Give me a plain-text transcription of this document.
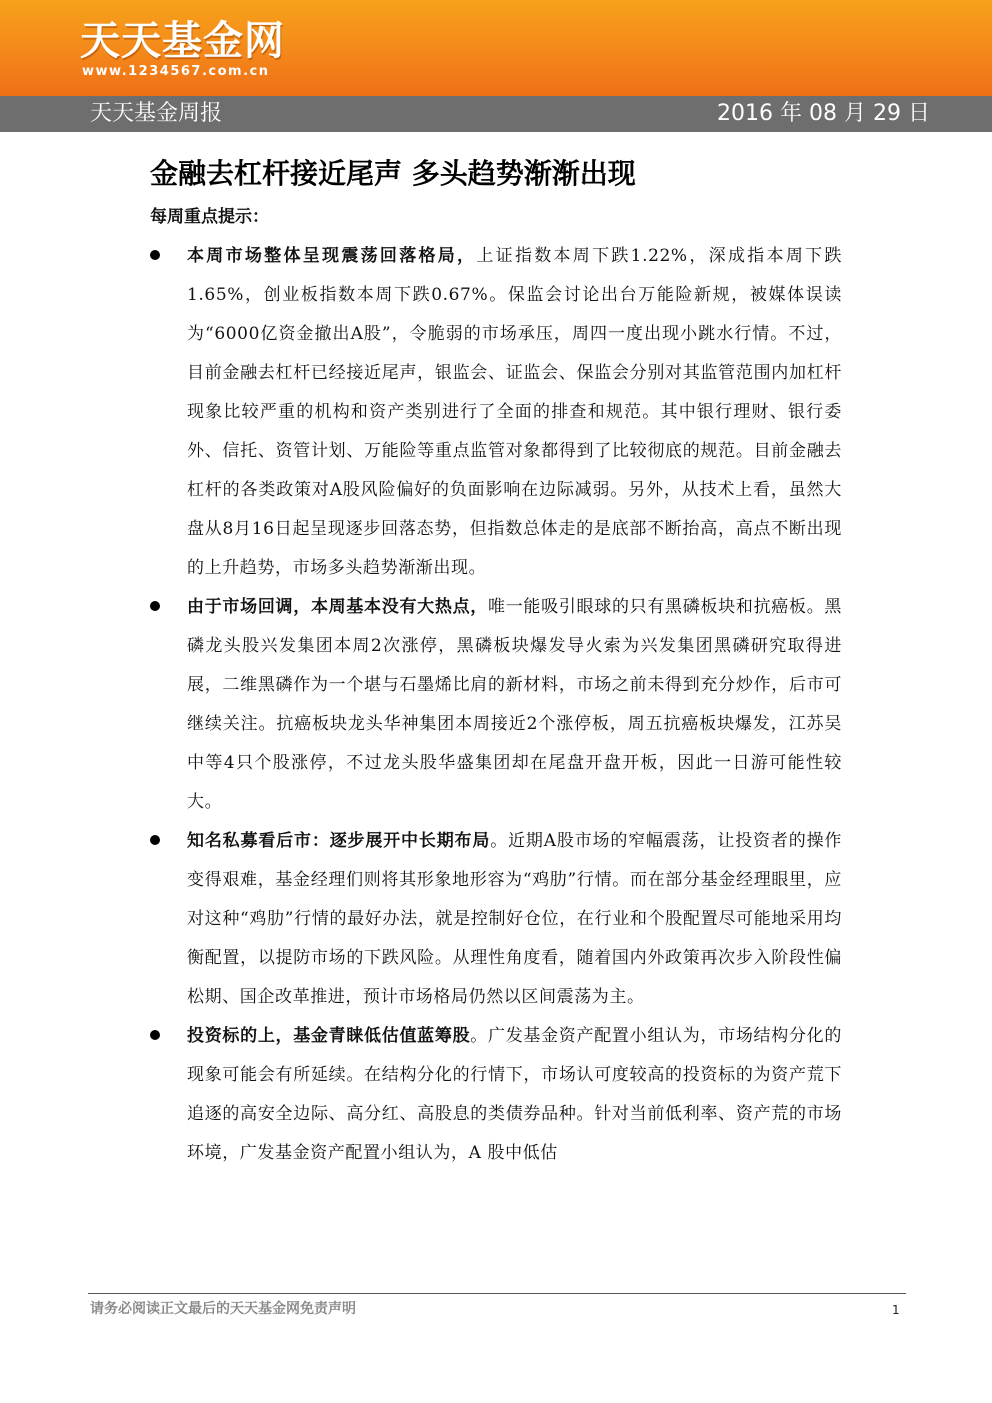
天天基金网
www.1234567.com.cn
天天基金周报	2016 年 08 月 29 日
金融去杠杆接近尾声 多头趋势渐渐出现
每周重点提示：

本周市场整体呈现震荡回落格局，上证指数本周下跌1.22%，深成指本周下跌1.65%，创业板指数本周下跌0.67%。保监会讨论出台万能险新规，被媒体误读为“6000亿资金撤出A股”，令脆弱的市场承压，周四一度出现小跳水行情。不过，目前金融去杠杆已经接近尾声，银监会、证监会、保监会分别对其监管范围内加杠杆现象比较严重的机构和资产类别进行了全面的排查和规范。其中银行理财、银行委外、信托、资管计划、万能险等重点监管对象都得到了比较彻底的规范。目前金融去杠杆的各类政策对A股风险偏好的负面影响在边际减弱。另外，从技术上看，虽然大盘从8月16日起呈现逐步回落态势，但指数总体走的是底部不断抬高，高点不断出现的上升趋势，市场多头趋势渐渐出现。

由于市场回调，本周基本没有大热点，唯一能吸引眼球的只有黑磷板块和抗癌板。黑磷龙头股兴发集团本周2次涨停，黑磷板块爆发导火索为兴发集团黑磷研究取得进展，二维黑磷作为一个堪与石墨烯比肩的新材料，市场之前未得到充分炒作，后市可继续关注。抗癌板块龙头华神集团本周接近2个涨停板，周五抗癌板块爆发，江苏吴中等4只个股涨停，不过龙头股华盛集团却在尾盘开盘开板，因此一日游可能性较大。

知名私募看后市：逐步展开中长期布局。近期A股市场的窄幅震荡，让投资者的操作变得艰难，基金经理们则将其形象地形容为“鸡肋”行情。而在部分基金经理眼里，应对这种“鸡肋”行情的最好办法，就是控制好仓位，在行业和个股配置尽可能地采用均衡配置，以提防市场的下跌风险。从理性角度看，随着国内外政策再次步入阶段性偏松期、国企改革推进，预计市场格局仍然以区间震荡为主。

投资标的上，基金青睐低估值蓝筹股。广发基金资产配置小组认为，市场结构分化的现象可能会有所延续。在结构分化的行情下，市场认可度较高的投资标的为资产荒下追逐的高安全边际、高分红、高股息的类债券品种。针对当前低利率、资产荒的市场环境，广发基金资产配置小组认为，A 股中低估

请务必阅读正文最后的天天基金网免责声明	1
